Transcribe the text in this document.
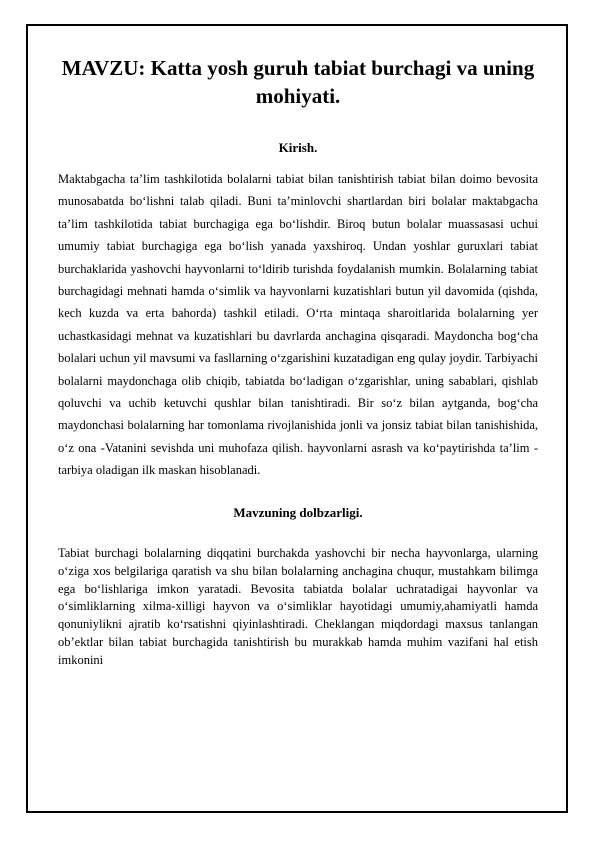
MAVZU: Katta yosh guruh tabiat burchagi va uning mohiyati.

Kirish.

Maktabgacha ta’lim tashkilotida bolalarni tabiat bilan tanishtirish tabiat bilan doimo bevosita munosabatda bo‘lishni talab qiladi. Buni ta’minlovchi shartlardan biri bolalar maktabgacha ta’lim tashkilotida tabiat burchagiga ega bo‘lishdir. Biroq butun bolalar muassasasi uchui umumiy tabiat burchagiga ega bo‘lish yanada yaxshiroq. Undan yoshlar guruxlari tabiat burchaklarida yashovchi hayvonlarni to‘ldirib turishda foydalanish mumkin. Bolalarning tabiat burchagidagi mehnati hamda o‘simlik va hayvonlarni kuzatishlari butun yil davomida (qishda, kech kuzda va erta bahorda) tashkil etiladi. O‘rta mintaqa sharoitlarida bolalarning yer uchastkasidagi mehnat va kuzatishlari bu davrlarda anchagina qisqaradi. Maydoncha bog‘cha bolalari uchun yil mavsumi va fasllarning o‘zgarishini kuzatadigan eng qulay joydir. Tarbiyachi bolalarni maydonchaga olib chiqib, tabiatda bo‘ladigan o‘zgarishlar, uning sabablari, qishlab qoluvchi va uchib ketuvchi qushlar bilan tanishtiradi. Bir so‘z bilan aytganda, bog‘cha maydonchasi bolalarning har tomonlama rivojlanishida jonli va jonsiz tabiat bilan tanishishida, o‘z ona -Vatanini sevishda uni muhofaza qilish. hayvonlarni asrash va ko‘paytirishda ta’lim - tarbiya oladigan ilk maskan hisoblanadi.

Mavzuning dolbzarligi.

Tabiat burchagi bolalarning diqqatini burchakda yashovchi bir necha hayvonlarga, ularning o‘ziga xos belgilariga qaratish va shu bilan bolalarning anchagina chuqur, mustahkam bilimga ega bo‘lishlariga imkon yaratadi. Bevosita tabiatda bolalar uchratadigai hayvonlar va o‘simliklarning xilma-xilligi hayvon va o‘simliklar hayotidagi umumiy,ahamiyatli hamda qonuniylikni ajratib ko‘rsatishni qiyinlashtiradi. Cheklangan miqdordagi maxsus tanlangan ob’ektlar bilan tabiat burchagida tanishtirish bu murakkab hamda muhim vazifani hal etish imkonini
